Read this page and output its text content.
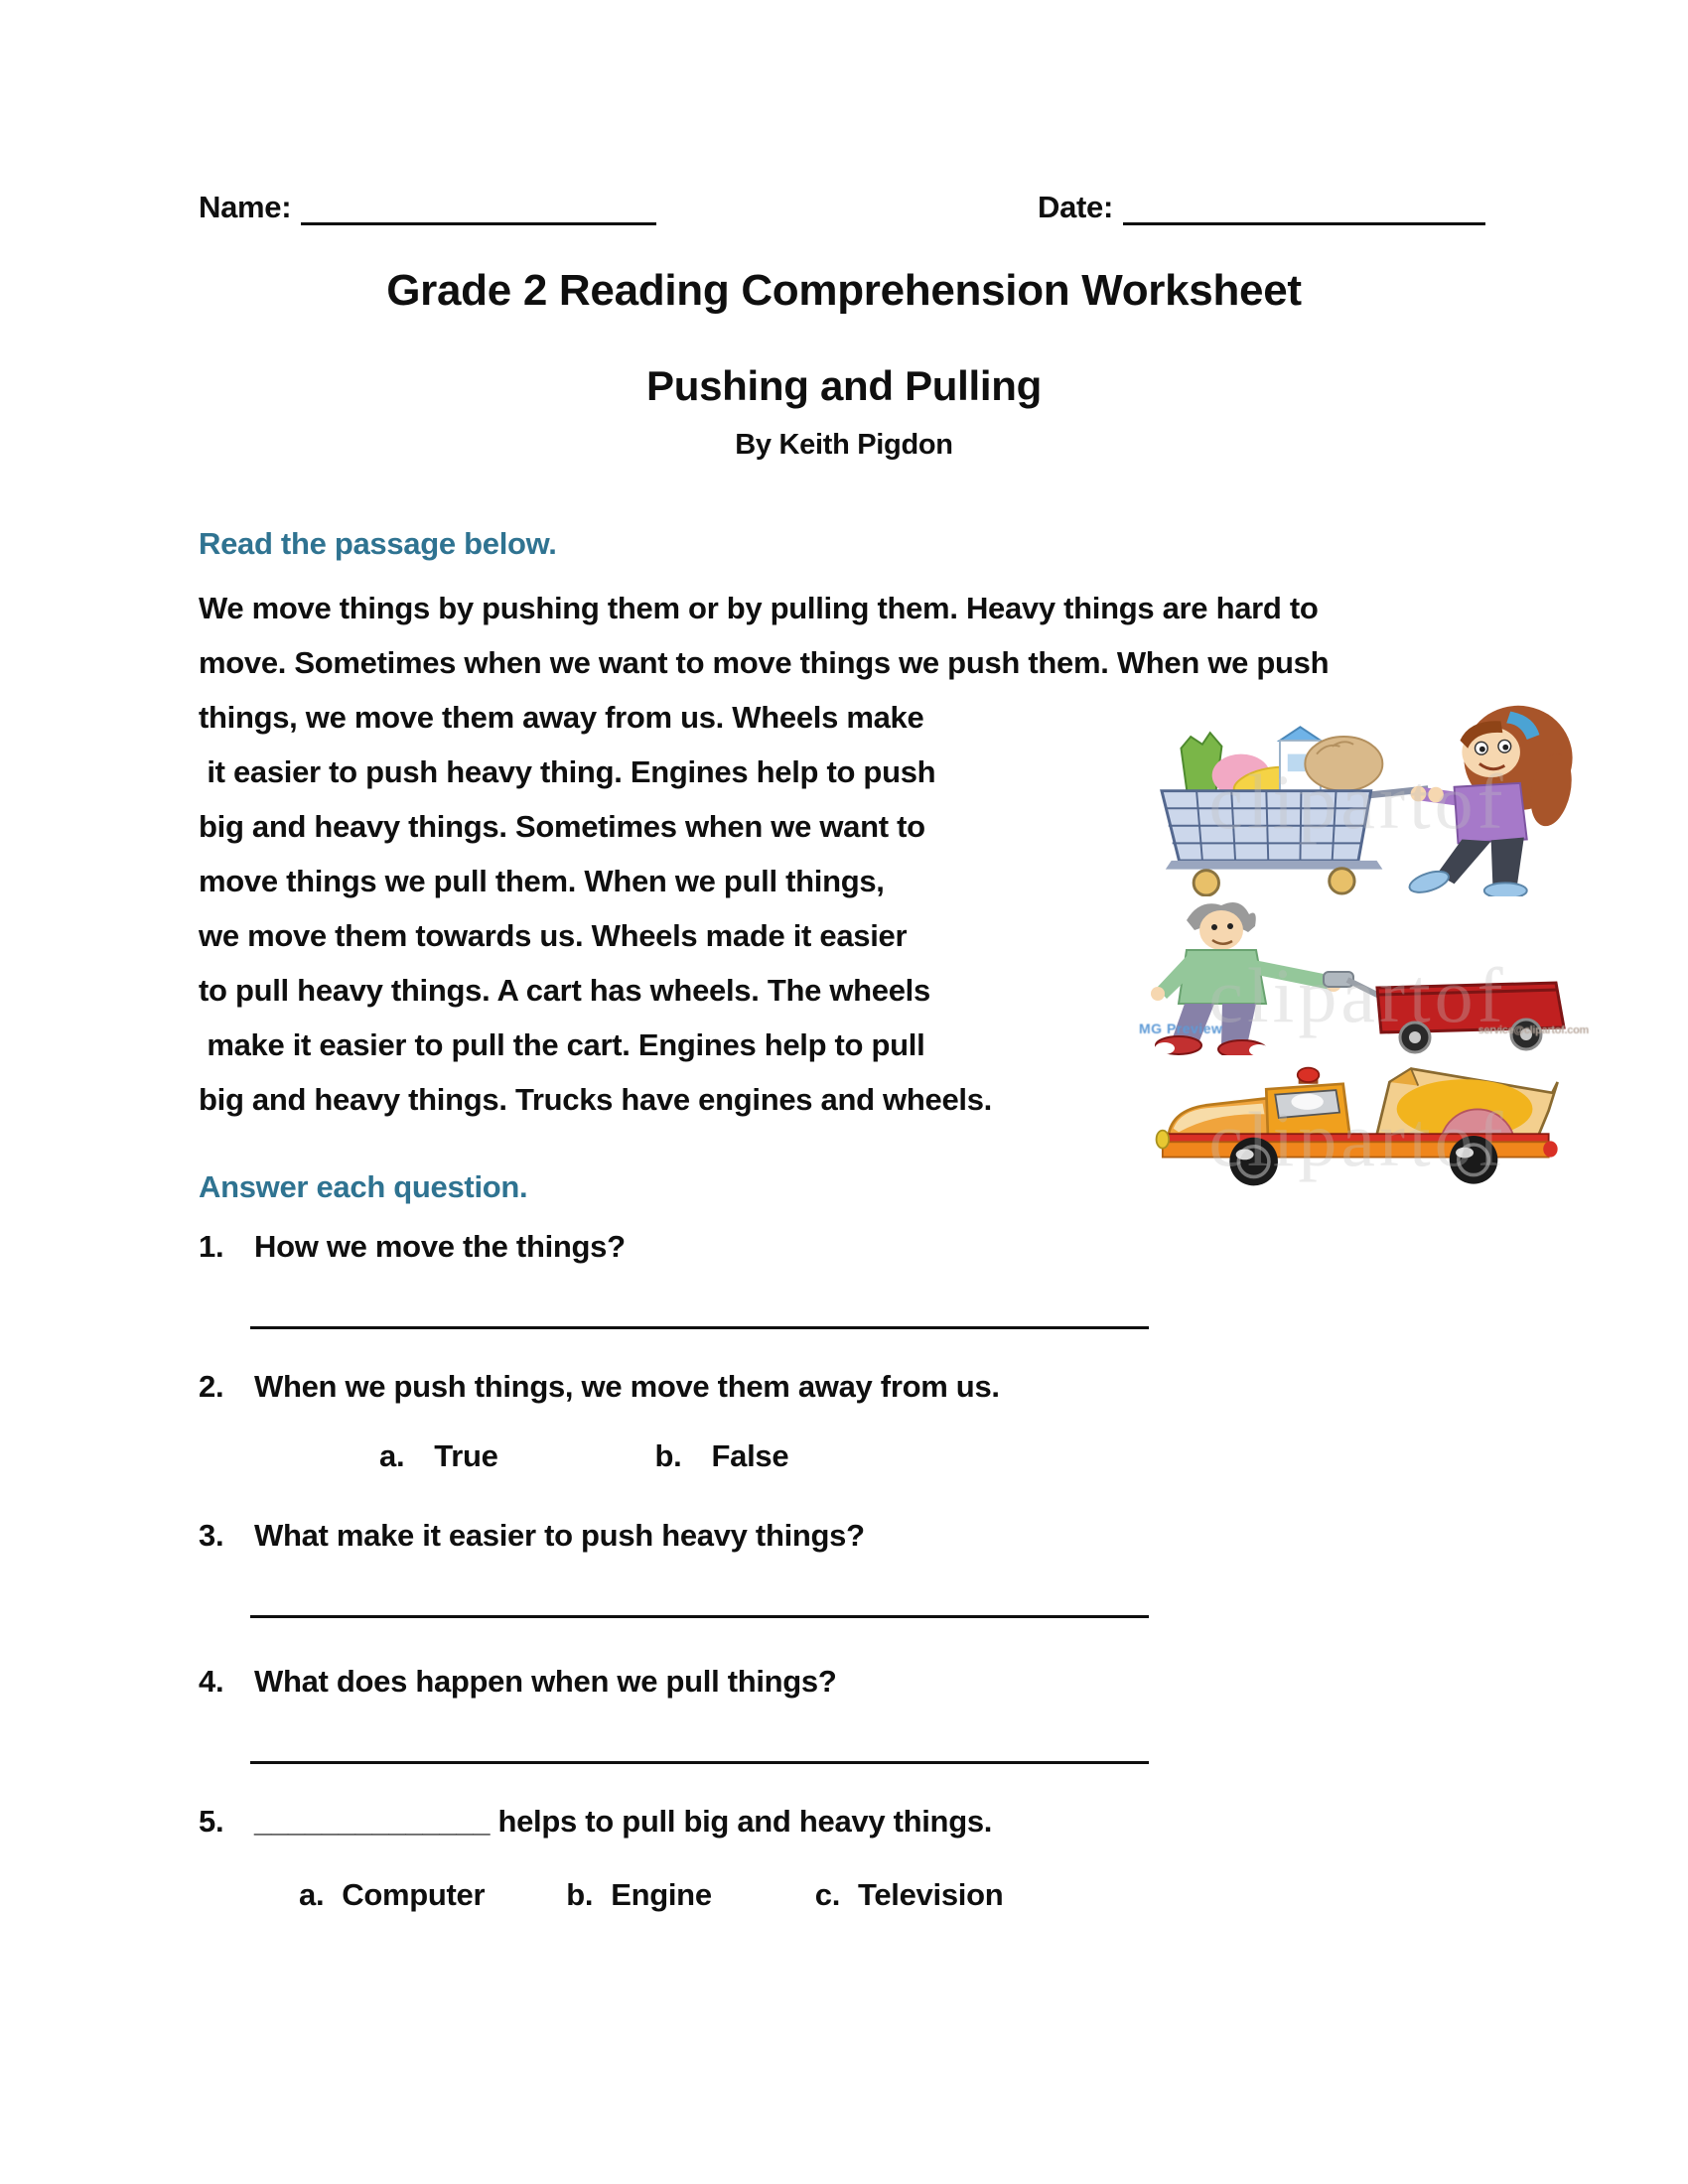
Name:	Date:
Grade 2 Reading Comprehension Worksheet
Pushing and Pulling
By Keith Pigdon
Read the passage below.
We move things by pushing them or by pulling them. Heavy things are hard to
move. Sometimes when we want to move things we push them. When we push
things, we move them away from us. Wheels make
it easier to push heavy thing. Engines help to push
big and heavy things. Sometimes when we want to
move things we pull them. When we pull things,
we move them towards us. Wheels made it easier
to pull heavy things. A cart has wheels. The wheels
make it easier to pull the cart. Engines help to pull
big and heavy things. Trucks have engines and wheels.
clipartof
clipartof
clipartof
MG Preview	service@clipartof.com
Answer each question.
1. How we move the things?
2. When we push things, we move them away from us.
a. True	b. False
3. What make it easier to push heavy things?
4. What does happen when we pull things?
5. ______________ helps to pull big and heavy things.
a. Computer	b. Engine	c. Television
